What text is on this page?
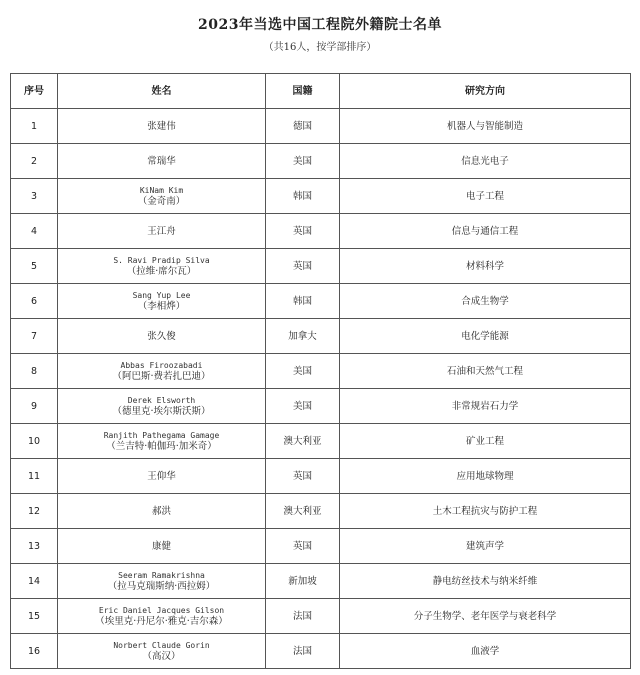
2023年当选中国工程院外籍院士名单
（共16人，按学部排序）
序号	姓名	国籍	研究方向
1	张建伟	德国	机器人与智能制造
2	常瑞华	美国	信息光电子
3	KiNam Kim
（金奇南）	韩国	电子工程
4	王江舟	英国	信息与通信工程
5	S. Ravi Pradip Silva
（拉维·席尔瓦）	英国	材料科学
6	Sang Yup Lee
（李相烨）	韩国	合成生物学
7	张久俊	加拿大	电化学能源
8	Abbas Firoozabadi
（阿巴斯·费若扎巴迪）	美国	石油和天然气工程
9	Derek Elsworth
（德里克·埃尔斯沃斯）	美国	非常规岩石力学
10	Ranjith Pathegama Gamage
（兰吉特·帕伽玛·加米奇）	澳大利亚	矿业工程
11	王仰华	英国	应用地球物理
12	郝洪	澳大利亚	土木工程抗灾与防护工程
13	康健	英国	建筑声学
14	Seeram Ramakrishna
（拉马克瑞斯纳·西拉姆）	新加坡	静电纺丝技术与纳米纤维
15	Eric Daniel Jacques Gilson
（埃里克·丹尼尔·雅克·吉尔森）	法国	分子生物学、老年医学与衰老科学
16	Norbert Claude Gorin
（高汉）	法国	血液学
